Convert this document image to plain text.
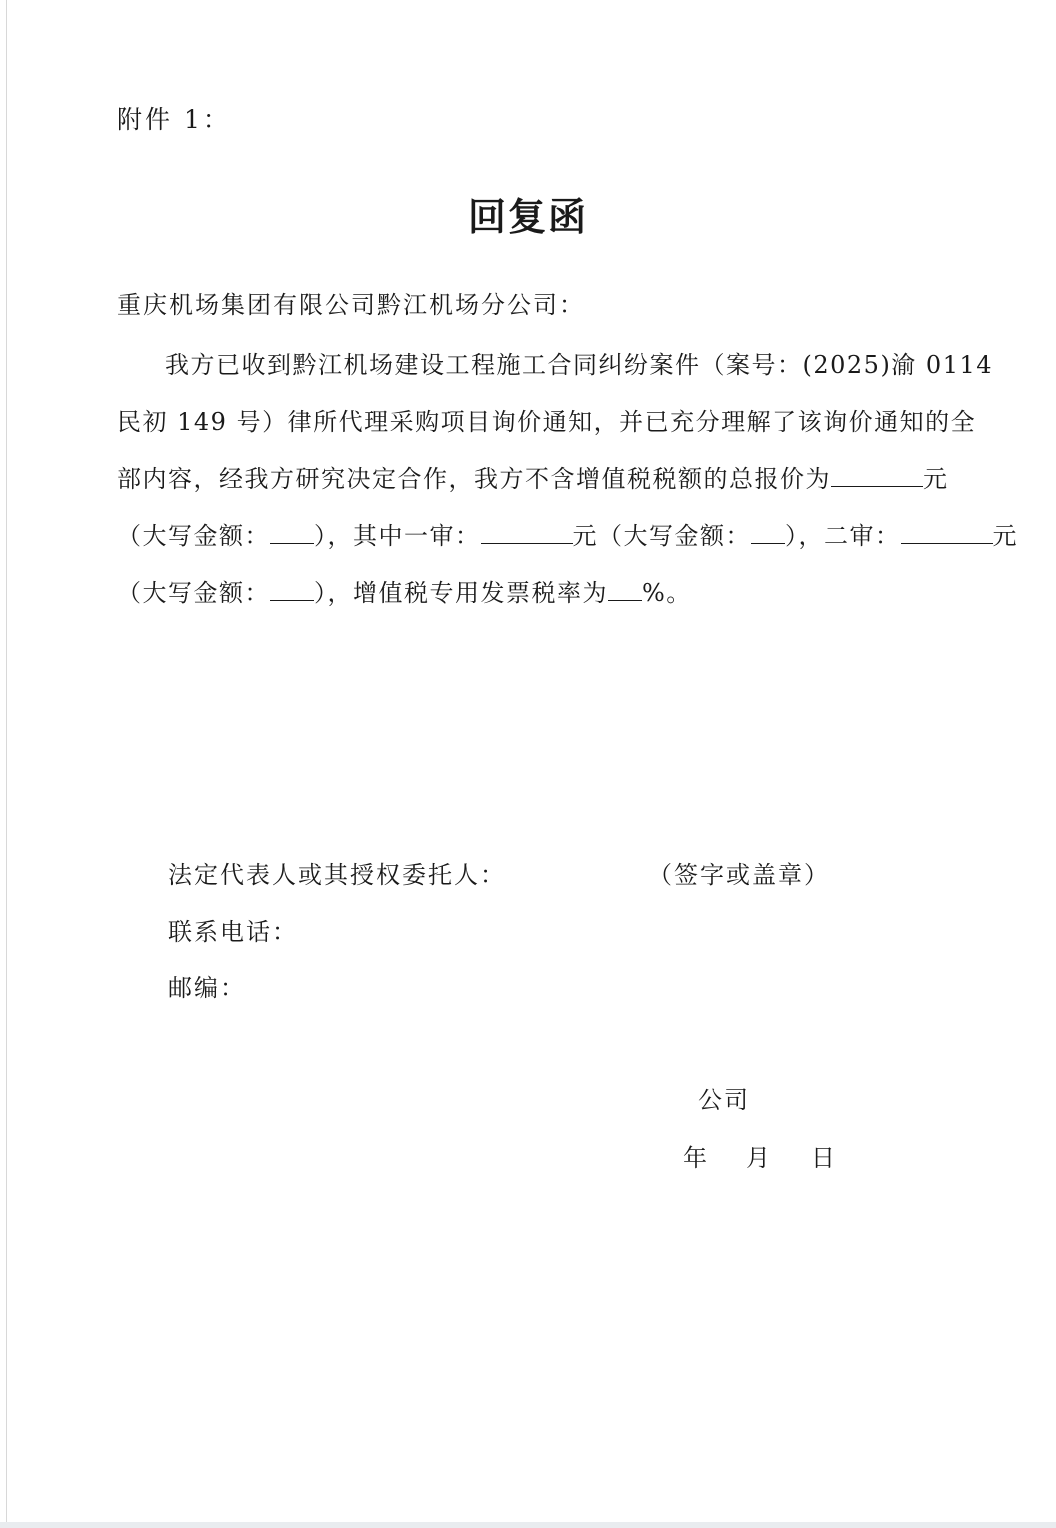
附件 1：
回复函
重庆机场集团有限公司黔江机场分公司：
我方已收到黔江机场建设工程施工合同纠纷案件（案号：(2025)渝 0114
民初 149 号）律所代理采购项目询价通知，并已充分理解了该询价通知的全
部内容，经我方研究决定合作，我方不含增值税税额的总报价为	元
（大写金额： ），其中一审：	元（大写金额： ），二审：	元
（大写金额： ），增值税专用发票税率为 %。
法定代表人或其授权委托人：	（签字或盖章）
联系电话：
邮编：
公司
年 月 日
